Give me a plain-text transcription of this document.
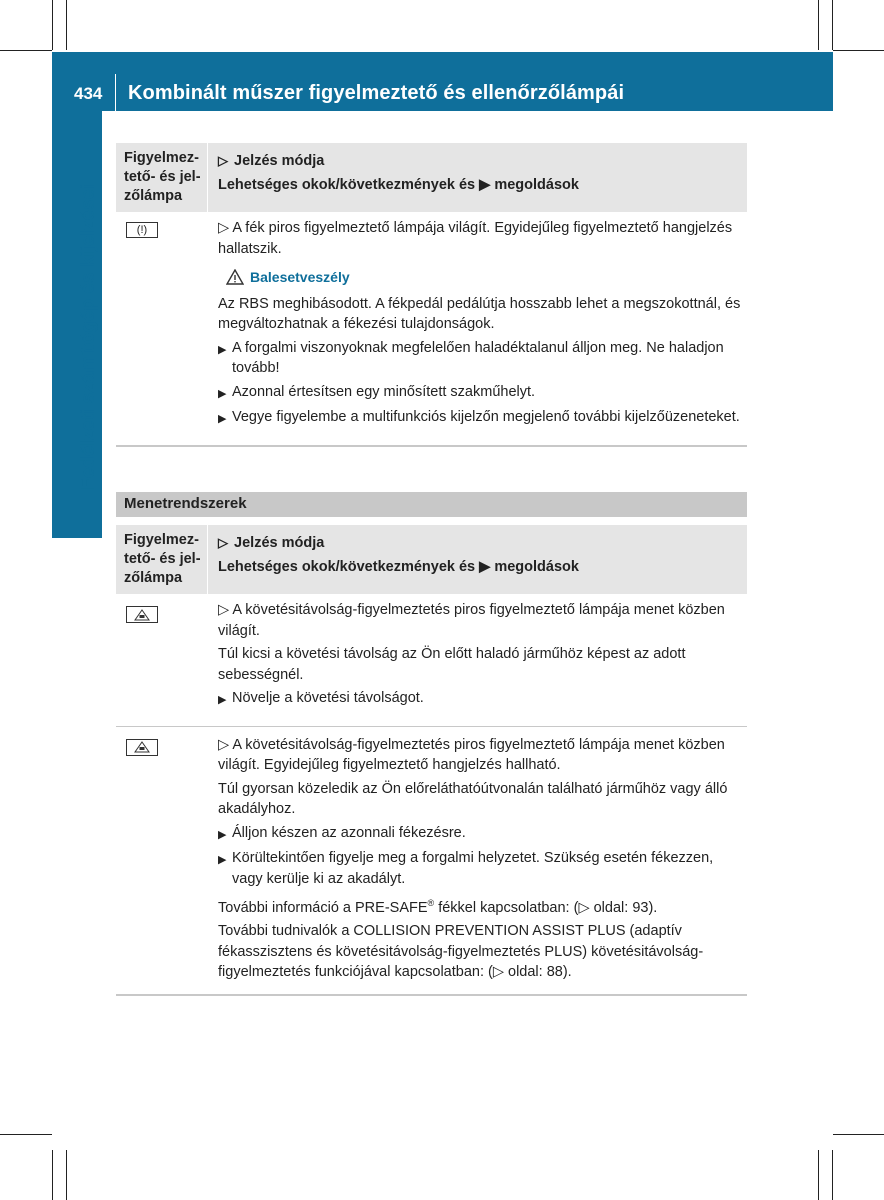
434 Kombinált műszer figyelmeztető és ellenőrzőlámpái
Fedélzeti számítógép és kijelzései
Figyelmez-
tető- és jel-
zőlámpa
▷ Jelzés módja
Lehetséges okok/következmények és ▶ megoldások
(!)	▷ A fék piros figyelmeztető lámpája világít. Egyidejűleg figyelmeztető hangjelzés hallatszik.

Balesetveszély

Az RBS meghibásodott. A fékpedál pedálútja hosszabb lehet a megszokottnál, és megváltozhatnak a fékezési tulajdonságok.

▶ A forgalmi viszonyoknak megfelelően haladéktalanul álljon meg. Ne haladjon tovább!
▶ Azonnal értesítsen egy minősített szakműhelyt.
▶ Vegye figyelembe a multifunkciós kijelzőn megjelenő további kijelzőüzeneteket.
Menetrendszerek
Figyelmez-
tető- és jel-
zőlámpa
▷ Jelzés módja
Lehetséges okok/következmények és ▶ megoldások

▷ A követésitávolság-figyelmeztetés piros figyelmeztető lámpája menet közben világít.

Túl kicsi a követési távolság az Ön előtt haladó járműhöz képest az adott sebességnél.

▶ Növelje a követési távolságot.

▷ A követésitávolság-figyelmeztetés piros figyelmeztető lámpája menet közben világít. Egyidejűleg figyelmeztető hangjelzés hallható.

Túl gyorsan közeledik az Ön előreláthatóútvonalán található járműhöz vagy álló akadályhoz.

▶ Álljon készen az azonnali fékezésre.
▶ Körültekintően figyelje meg a forgalmi helyzetet. Szükség esetén fékezzen, vagy kerülje ki az akadályt.

További információ a PRE-SAFE® fékkel kapcsolatban: (▷ oldal: 93).

További tudnivalók a COLLISION PREVENTION ASSIST PLUS (adaptív fékasszisztens és követésitávolság-figyelmeztetés PLUS) követésitávolság-figyelmeztetés funkciójával kapcsolatban: (▷ oldal: 88).
